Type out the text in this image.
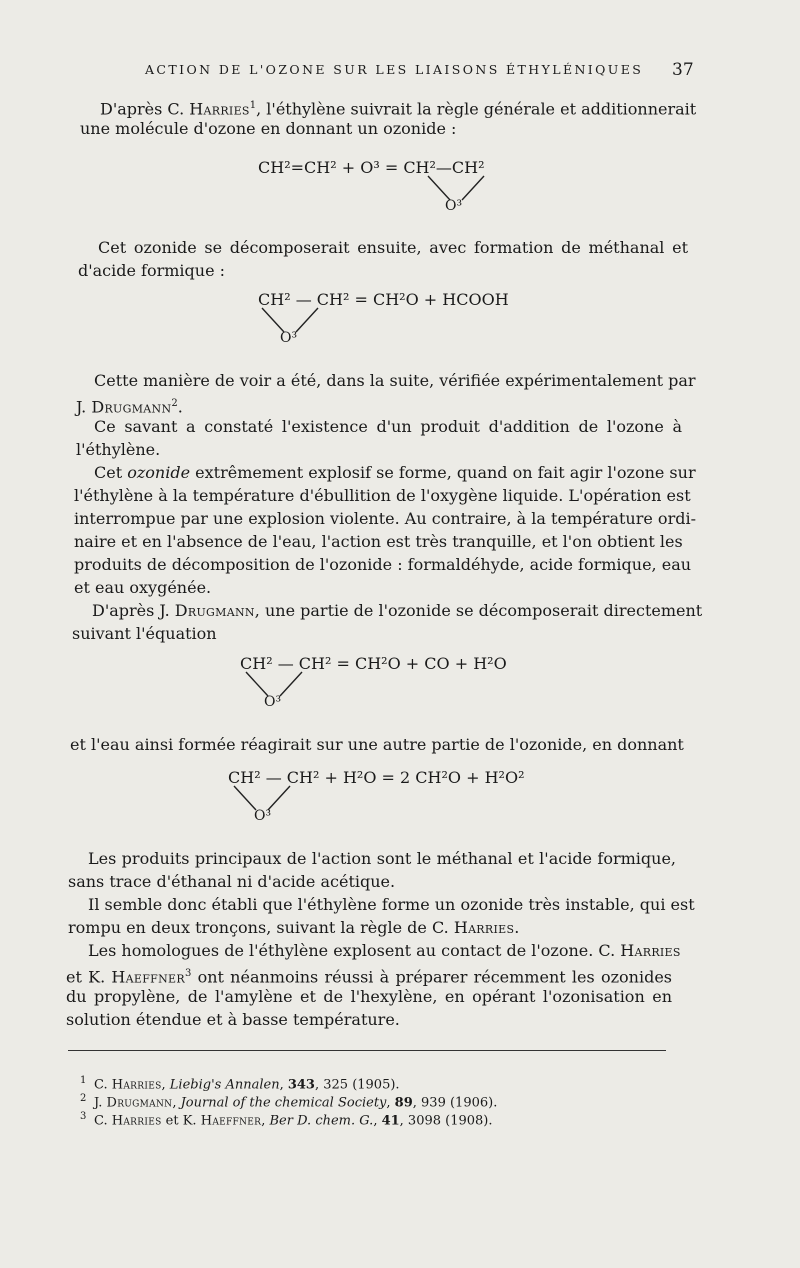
ACTION DE L'OZONE SUR LES LIAISONS ÉTHYLÉNIQUES 37
D'après C. Harries$^1$, l'éthylène suivrait la règle générale et additionnerait
une molécule d'ozone en donnant un ozonide :
CH²=CH² + O³ = CH²—CH²
O³
Cet ozonide se décomposerait ensuite, avec formation de méthanal et
d'acide formique :
CH² — CH² = CH²O + HCOOH
O³
Cette manière de voir a été, dans la suite, vérifiée expérimentalement par
J. Drugmann$^2$.
Ce savant a constaté l'existence d'un produit d'addition de l'ozone à
l'éthylène.
Cet ozonide extrêmement explosif se forme, quand on fait agir l'ozone sur
l'éthylène à la température d'ébullition de l'oxygène liquide. L'opération est
interrompue par une explosion violente. Au contraire, à la température ordi-
naire et en l'absence de l'eau, l'action est très tranquille, et l'on obtient les
produits de décomposition de l'ozonide : formaldéhyde, acide formique, eau
et eau oxygénée.
D'après J. Drugmann, une partie de l'ozonide se décomposerait directement
suivant l'équation
CH² — CH² = CH²O + CO + H²O
O³
et l'eau ainsi formée réagirait sur une autre partie de l'ozonide, en donnant
CH² — CH² + H²O = 2 CH²O + H²O²
O³
Les produits principaux de l'action sont le méthanal et l'acide formique,
sans trace d'éthanal ni d'acide acétique.
Il semble donc établi que l'éthylène forme un ozonide très instable, qui est
rompu en deux tronçons, suivant la règle de C. Harries.
Les homologues de l'éthylène explosent au contact de l'ozone. C. Harries
et K. Haeffner$^3$ ont néanmoins réussi à préparer récemment les ozonides
du propylène, de l'amylène et de l'hexylène, en opérant l'ozonisation en
solution étendue et à basse température.
1 C. Harries, Liebig's Annalen, 343, 325 (1905).
2 J. Drugmann, Journal of the chemical Society, 89, 939 (1906).
3 C. Harries et K. Haeffner, Ber D. chem. G., 41, 3098 (1908).
